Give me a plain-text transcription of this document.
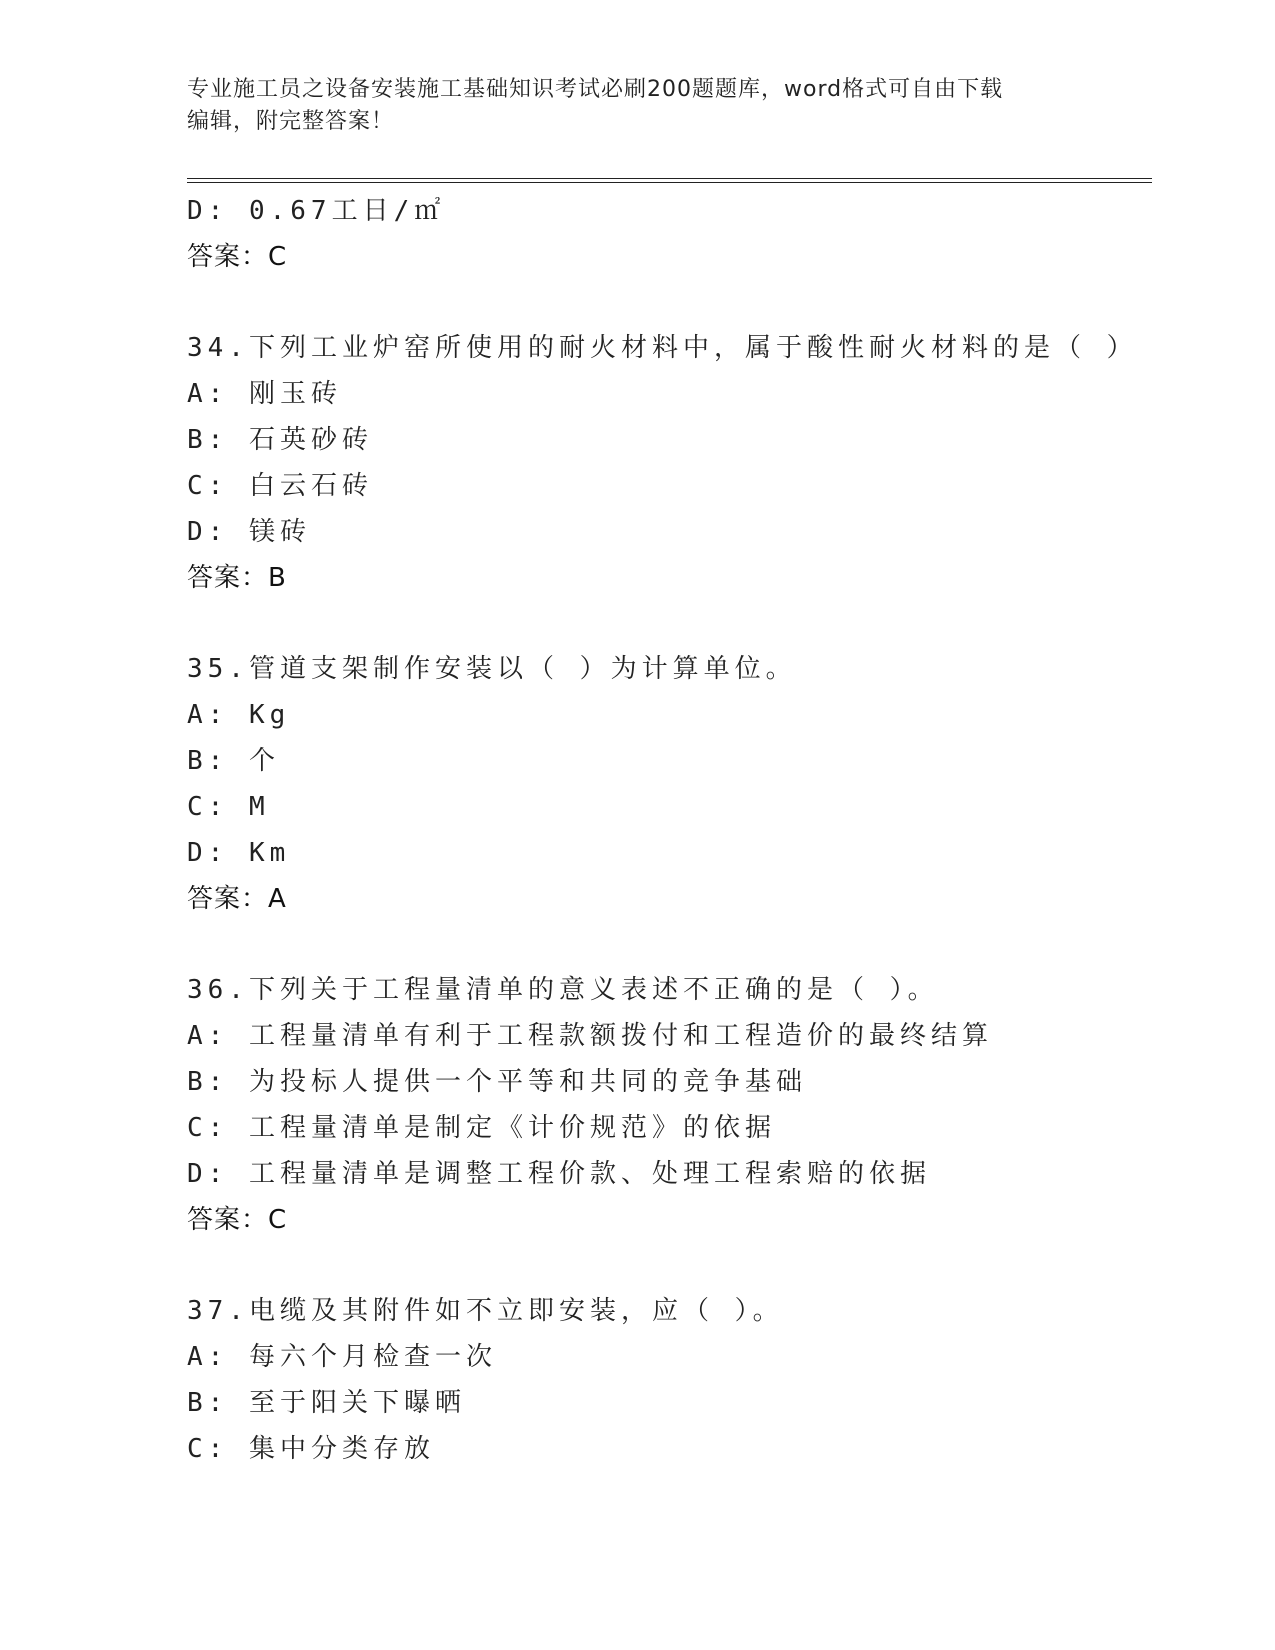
专业施工员之设备安装施工基础知识考试必刷200题题库，word格式可自由下载
编辑，附完整答案！
D: 0.67工日/㎡
答案：C
34.下列工业炉窑所使用的耐火材料中，属于酸性耐火材料的是（ ）
A: 刚玉砖
B: 石英砂砖
C: 白云石砖
D: 镁砖
答案：B
35.管道支架制作安装以（ ）为计算单位。
A: Kg
B: 个
C: M
D: Km
答案：A
36.下列关于工程量清单的意义表述不正确的是（ ）。
A: 工程量清单有利于工程款额拨付和工程造价的最终结算
B: 为投标人提供一个平等和共同的竞争基础
C: 工程量清单是制定《计价规范》的依据
D: 工程量清单是调整工程价款、处理工程索赔的依据
答案：C
37.电缆及其附件如不立即安装，应（ ）。
A: 每六个月检查一次
B: 至于阳关下曝晒
C: 集中分类存放
